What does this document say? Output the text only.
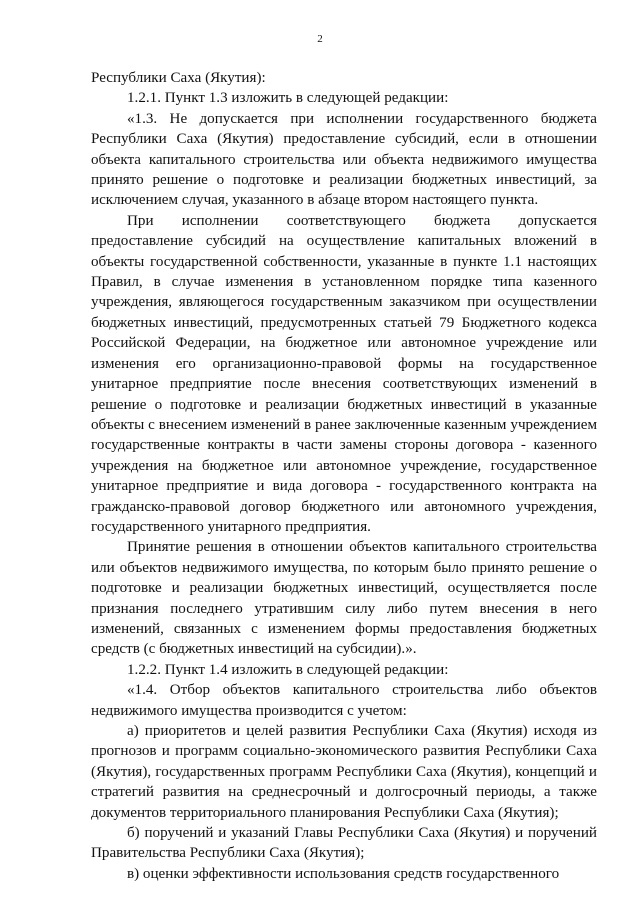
2

Республики Саха (Якутия):

1.2.1. Пункт 1.3 изложить в следующей редакции:

«1.3. Не допускается при исполнении государственного бюджета Республики Саха (Якутия) предоставление субсидий, если в отношении объекта капитального строительства или объекта недвижимого имущества принято решение о подготовке и реализации бюджетных инвестиций, за исключением случая, указанного в абзаце втором настоящего пункта.

При исполнении соответствующего бюджета допускается предоставление субсидий на осуществление капитальных вложений в объекты государственной собственности, указанные в пункте 1.1 настоящих Правил, в случае изменения в установленном порядке типа казенного учреждения, являющегося государственным заказчиком при осуществлении бюджетных инвестиций, предусмотренных статьей 79 Бюджетного кодекса Российской Федерации, на бюджетное или автономное учреждение или изменения его организационно-правовой формы на государственное унитарное предприятие после внесения соответствующих изменений в решение о подготовке и реализации бюджетных инвестиций в указанные объекты с внесением изменений в ранее заключенные казенным учреждением государственные контракты в части замены стороны договора - казенного учреждения на бюджетное или автономное учреждение, государственное унитарное предприятие и вида договора - государственного контракта на гражданско-правовой договор бюджетного или автономного учреждения, государственного унитарного предприятия.

Принятие решения в отношении объектов капитального строительства или объектов недвижимого имущества, по которым было принято решение о подготовке и реализации бюджетных инвестиций, осуществляется после признания последнего утратившим силу либо путем внесения в него изменений, связанных с изменением формы предоставления бюджетных средств (с бюджетных инвестиций на субсидии).».

1.2.2. Пункт 1.4 изложить в следующей редакции:

«1.4. Отбор объектов капитального строительства либо объектов недвижимого имущества производится с учетом:

а) приоритетов и целей развития Республики Саха (Якутия) исходя из прогнозов и программ социально-экономического развития Республики Саха (Якутия), государственных программ Республики Саха (Якутия), концепций и стратегий развития на среднесрочный и долгосрочный периоды, а также документов территориального планирования Республики Саха (Якутия);

б) поручений и указаний Главы Республики Саха (Якутия) и поручений Правительства Республики Саха (Якутия);

в) оценки эффективности использования средств государственного
